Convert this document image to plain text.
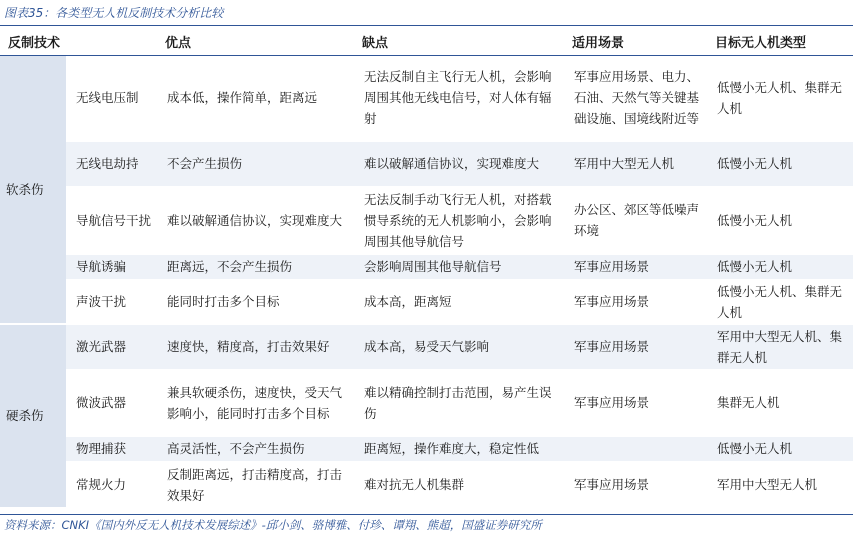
图表35：各类型无人机反制技术分析比较
反制技术		优点	缺点	适用场景	目标无人机类型
软杀伤	无线电压制	成本低，操作简单，距离远	无法反制自主飞行无人机，会影响周围其他无线电信号，对人体有辐射	军事应用场景、电力、石油、天然气等关键基础设施、国境线附近等	低慢小无人机、集群无人机
	无线电劫持	不会产生损伤	难以破解通信协议，实现难度大	军用中大型无人机	低慢小无人机
	导航信号干扰	难以破解通信协议，实现难度大	无法反制手动飞行无人机，对搭载惯导系统的无人机影响小，会影响周围其他导航信号	办公区、郊区等低噪声环境	低慢小无人机
	导航诱骗	距离远，不会产生损伤	会影响周围其他导航信号	军事应用场景	低慢小无人机
	声波干扰	能同时打击多个目标	成本高，距离短	军事应用场景	低慢小无人机、集群无人机
硬杀伤	激光武器	速度快，精度高，打击效果好	成本高，易受天气影响	军事应用场景	军用中大型无人机、集群无人机
	微波武器	兼具软硬杀伤，速度快，受天气影响小，能同时打击多个目标	难以精确控制打击范围，易产生误伤	军事应用场景	集群无人机
	物理捕获	高灵活性，不会产生损伤	距离短，操作难度大，稳定性低		低慢小无人机
	常规火力	反制距离远，打击精度高，打击效果好	难对抗无人机集群	军事应用场景	军用中大型无人机
资料来源：CNKI《国内外反无人机技术发展综述》-邱小剑、骆博雅、付珍、谭翔、熊超，国盛证券研究所
